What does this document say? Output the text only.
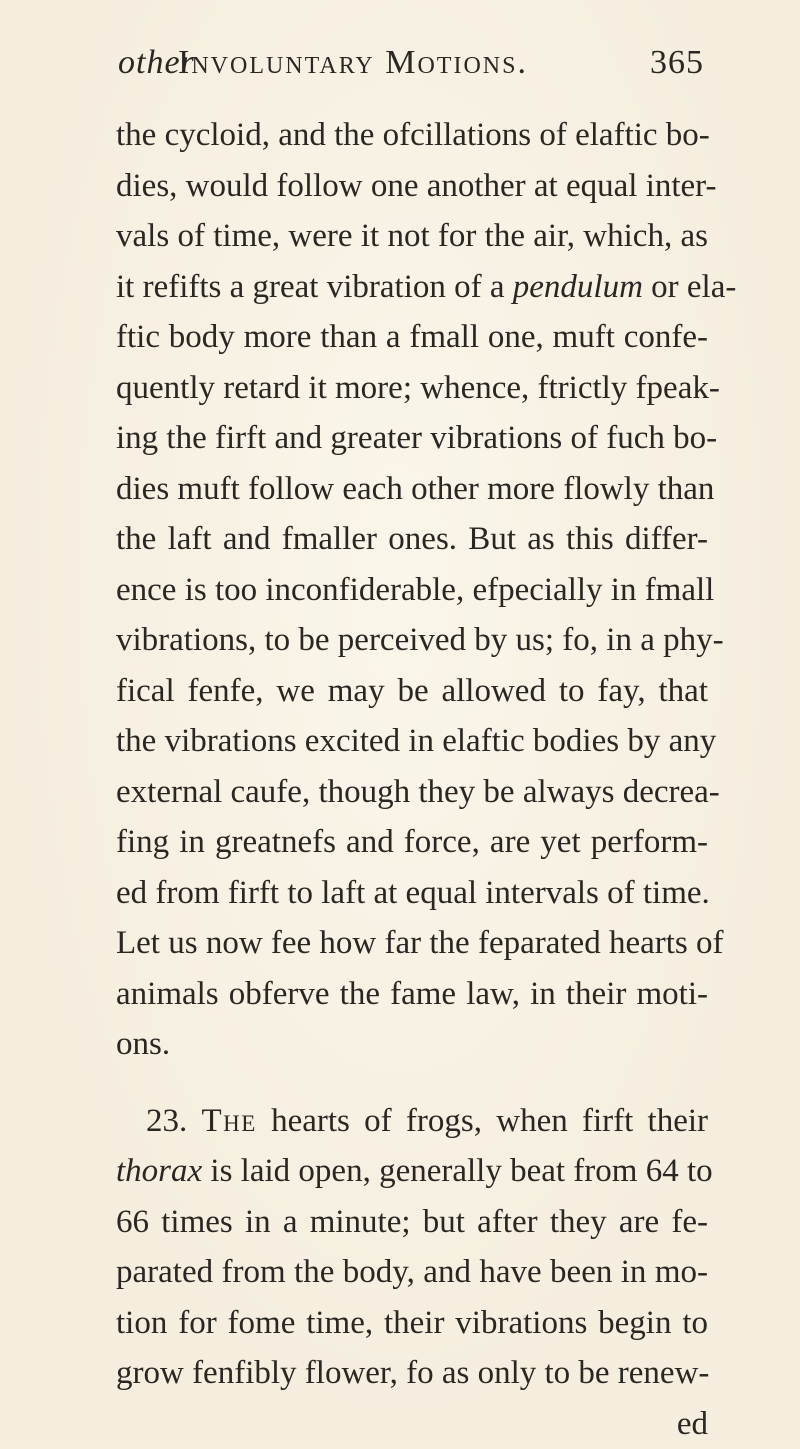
other
Involuntary Motions.	365
the cycloid, and the ofcillations of elaftic bo-
dies, would follow one another at equal inter-
vals of time, were it not for the air, which, as
it refifts a great vibration of a pendulum or ela-
ftic body more than a fmall one, muft confe-
quently retard it more; whence, ftrictly fpeak-
ing the firft and greater vibrations of fuch bo-
dies muft follow each other more flowly than
the laft and fmaller ones. But as this differ-
ence is too inconfiderable, efpecially in fmall
vibrations, to be perceived by us; fo, in a phy-
fical fenfe, we may be allowed to fay, that
the vibrations excited in elaftic bodies by any
external caufe, though they be always decrea-
fing in greatnefs and force, are yet perform-
ed from firft to laft at equal intervals of time.
Let us now fee how far the feparated hearts of
animals obferve the fame law, in their moti-
ons.
23. The hearts of frogs, when firft their
thorax is laid open, generally beat from 64 to
66 times in a minute; but after they are fe-
parated from the body, and have been in mo-
tion for fome time, their vibrations begin to
grow fenfibly flower, fo as only to be renew-
ed
